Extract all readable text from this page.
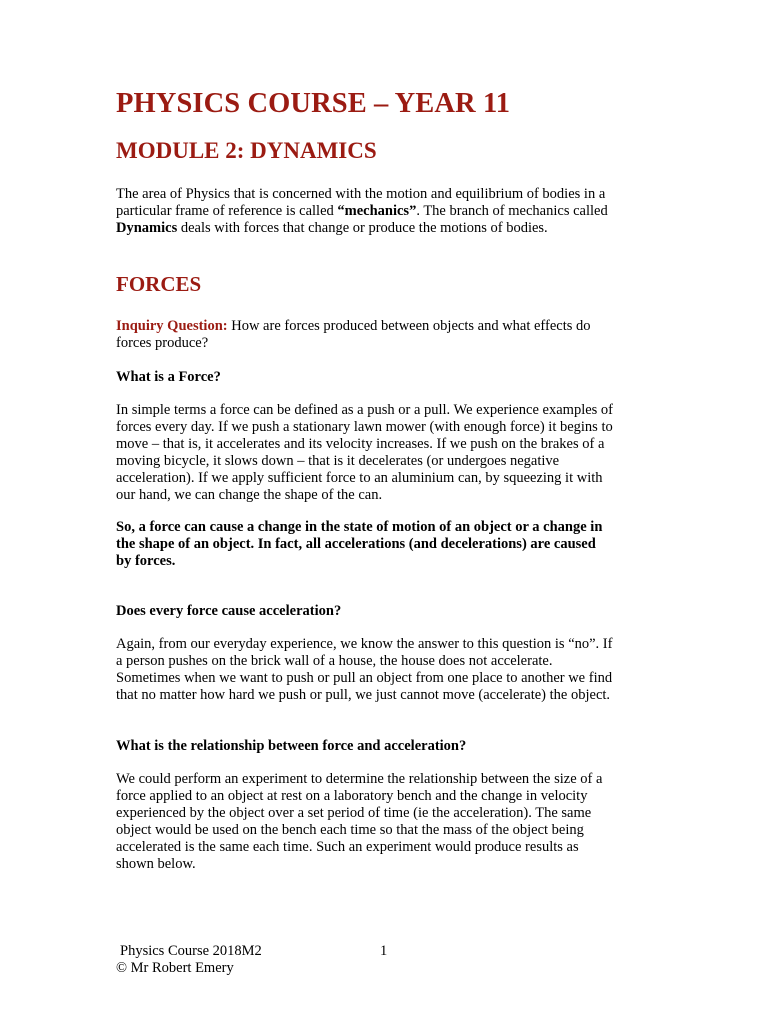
PHYSICS COURSE – YEAR 11
MODULE 2: DYNAMICS
The area of Physics that is concerned with the motion and equilibrium of bodies in a
particular frame of reference is called “mechanics”. The branch of mechanics called
Dynamics deals with forces that change or produce the motions of bodies.
FORCES
Inquiry Question: How are forces produced between objects and what effects do
forces produce?
What is a Force?
In simple terms a force can be defined as a push or a pull. We experience examples of
forces every day. If we push a stationary lawn mower (with enough force) it begins to
move – that is, it accelerates and its velocity increases. If we push on the brakes of a
moving bicycle, it slows down – that is it decelerates (or undergoes negative
acceleration). If we apply sufficient force to an aluminium can, by squeezing it with
our hand, we can change the shape of the can.
So, a force can cause a change in the state of motion of an object or a change in
the shape of an object. In fact, all accelerations (and decelerations) are caused
by forces.
Does every force cause acceleration?
Again, from our everyday experience, we know the answer to this question is “no”. If
a person pushes on the brick wall of a house, the house does not accelerate.
Sometimes when we want to push or pull an object from one place to another we find
that no matter how hard we push or pull, we just cannot move (accelerate) the object.
What is the relationship between force and acceleration?
We could perform an experiment to determine the relationship between the size of a
force applied to an object at rest on a laboratory bench and the change in velocity
experienced by the object over a set period of time (ie the acceleration). The same
object would be used on the bench each time so that the mass of the object being
accelerated is the same each time. Such an experiment would produce results as
shown below.
Physics Course 2018M2	1
© Mr Robert Emery
